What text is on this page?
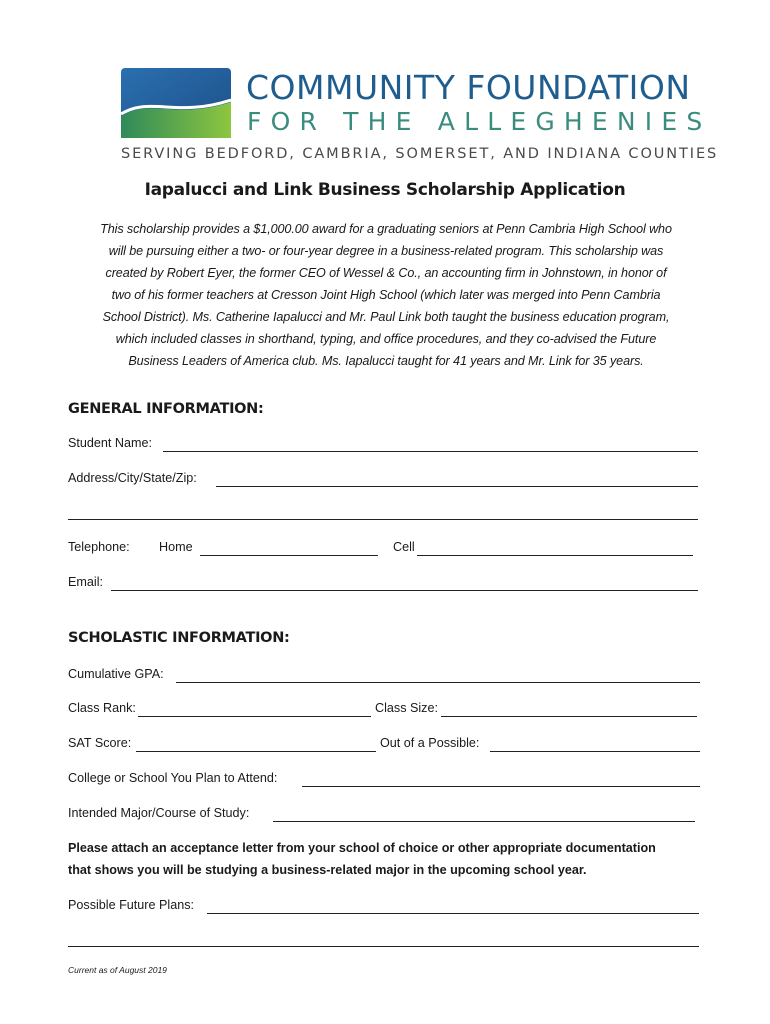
COMMUNITY FOUNDATION
FOR THE ALLEGHENIES
SERVING BEDFORD, CAMBRIA, SOMERSET, AND INDIANA COUNTIES
Iapalucci and Link Business Scholarship Application
This scholarship provides a $1,000.00 award for a graduating seniors at Penn Cambria High School who
will be pursuing either a two- or four-year degree in a business-related program. This scholarship was
created by Robert Eyer, the former CEO of Wessel & Co., an accounting firm in Johnstown, in honor of
two of his former teachers at Cresson Joint High School (which later was merged into Penn Cambria
School District). Ms. Catherine Iapalucci and Mr. Paul Link both taught the business education program,
which included classes in shorthand, typing, and office procedures, and they co-advised the Future
Business Leaders of America club. Ms. Iapalucci taught for 41 years and Mr. Link for 35 years.
GENERAL INFORMATION:
Student Name:
Address/City/State/Zip:
Telephone: Home	Cell
Email:
SCHOLASTIC INFORMATION:
Cumulative GPA:
Class Rank:	Class Size:
SAT Score:	Out of a Possible:
College or School You Plan to Attend:
Intended Major/Course of Study:
Please attach an acceptance letter from your school of choice or other appropriate documentation
that shows you will be studying a business-related major in the upcoming school year.
Possible Future Plans:
Current as of August 2019
